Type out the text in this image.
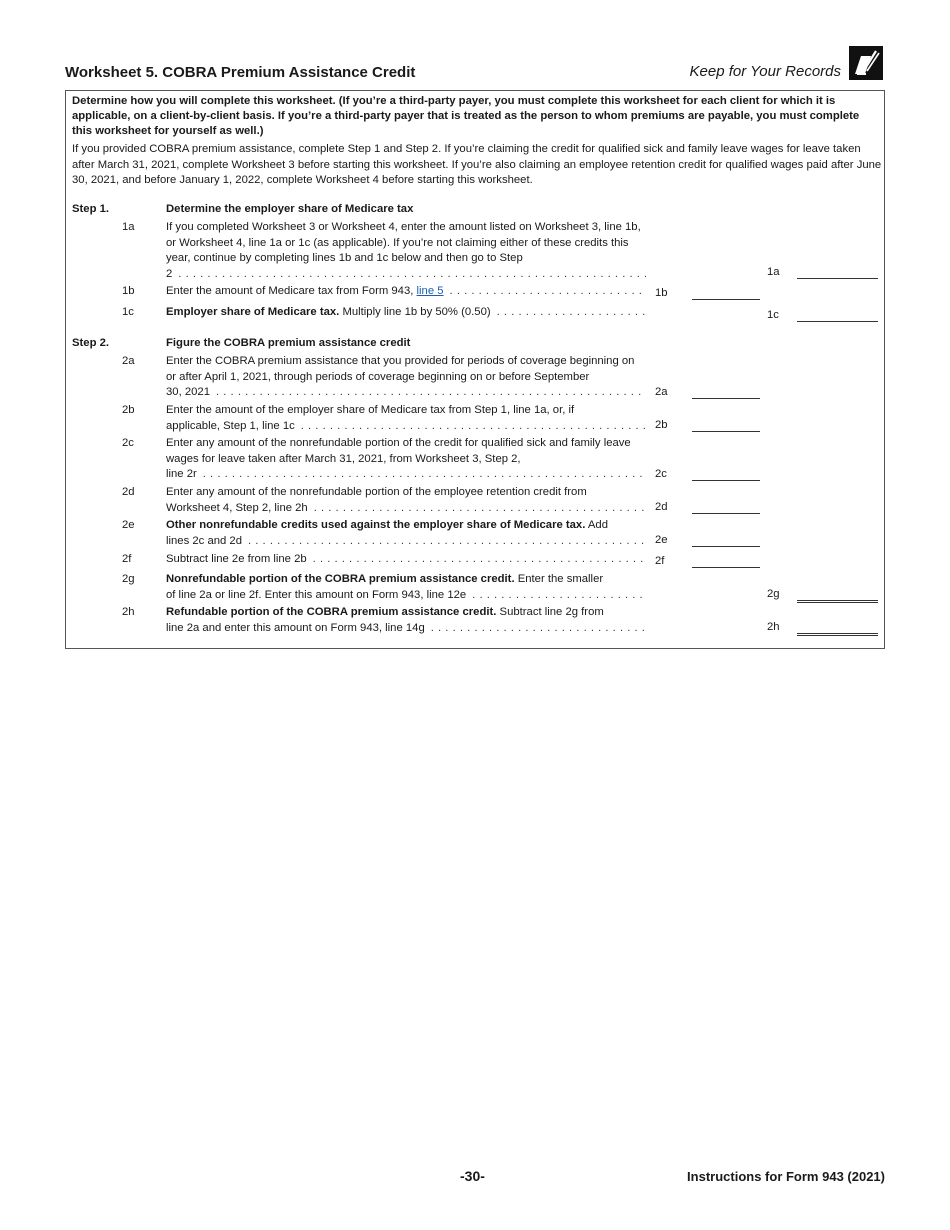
Worksheet 5. COBRA Premium Assistance Credit	Keep for Your Records
Determine how you will complete this worksheet. (If you’re a third-party payer, you must complete this worksheet for each client for which it is applicable, on a client-by-client basis. If you’re a third-party payer that is treated as the person to whom premiums are payable, you must complete this worksheet for yourself as well.)
If you provided COBRA premium assistance, complete Step 1 and Step 2. If you’re claiming the credit for qualified sick and family leave wages for leave taken after March 31, 2021, complete Worksheet 3 before starting this worksheet. If you’re also claiming an employee retention credit for qualified wages paid after June 30, 2021, and before January 1, 2022, complete Worksheet 4 before starting this worksheet.
Step 1.	Determine the employer share of Medicare tax
1a	If you completed Worksheet 3 or Worksheet 4, enter the amount listed on Worksheet 3, line 1b, or Worksheet 4, line 1a or 1c (as applicable). If you’re not claiming either of these credits this year, continue by completing lines 1b and 1c below and then go to Step
2 . . .	1a
1b	Enter the amount of Medicare tax from Form 943,
line 5 . . .	1b
1c	Employer share of Medicare tax.
Multiply line 1b by 50% (0.50) . . .	1c
Step 2.	Figure the COBRA premium assistance credit
2a	Enter the COBRA premium assistance that you provided for periods of coverage beginning on or after April 1, 2021, through periods of coverage beginning on or before September
30, 2021 . . .	2a
2b	Enter the amount of the employer share of Medicare tax from Step 1, line 1a, or, if
applicable, Step 1, line 1c . . .	2b
2c	Enter any amount of the nonrefundable portion of the credit for qualified sick and family leave wages for leave taken after March 31, 2021, from Worksheet 3, Step 2,
line 2r . . .	2c
2d	Enter any amount of the nonrefundable portion of the employee retention credit from
Worksheet 4, Step 2, line 2h . . .	2d
2e	Other nonrefundable credits used against the employer share of Medicare tax. Add
lines 2c and 2d . . .	2e
2f	Subtract line 2e from line 2b . . .	2f
2g	Nonrefundable portion of the COBRA premium assistance credit. Enter the smaller
of line 2a or line 2f. Enter this amount on Form 943, line 12e . . .	2g
2h	Refundable portion of the COBRA premium assistance credit. Subtract line 2g from
line 2a and enter this amount on Form 943, line 14g . . .	2h
-30-	Instructions for Form 943 (2021)
